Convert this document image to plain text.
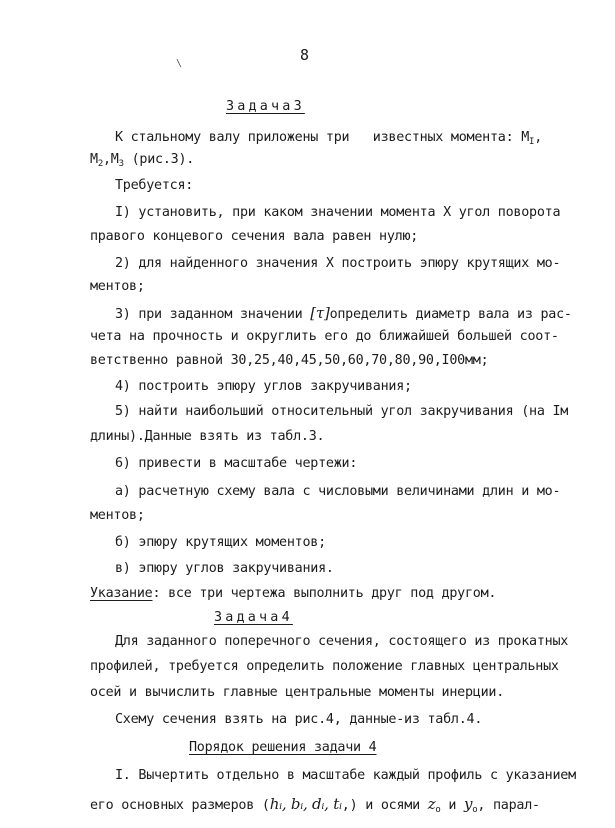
8
\
Задача3
К стальному валу приложены три   известных момента: $M_I$,
$M_2,M_3$ (рис.3).
Требуется:
I) установить, при каком значении момента X угол поворота
правого концевого сечения вала равен нулю;
2) для найденного значения X построить эпюру крутящих мо-
ментов;
3) при заданном значении [τ]определить диаметр вала из рас-
чета на прочность и округлить его до ближайшей большей соот-
ветственно равной 30,25,40,45,50,60,70,80,90,I00мм;
4) построить эпюру углов закручивания;
5) найти наибольший относительный угол закручивания (на Iм
длины).Данные взять из табл.3.
6) привести в масштабе чертежи:
а) расчетную схему вала с числовыми величинами длин и мо-
ментов;
б) эпюру крутящих моментов;
в) эпюру углов закручивания.
Указание: все три чертежа выполнить друг под другом.
Задача4
Для заданного поперечного сечения, состоящего из прокатных
профилей, требуется определить положение главных центральных
осей и вычислить главные центральные моменты инерции.
Схему сечения взять на рис.4, данные-из табл.4.
Порядок решения задачи 4
I. Вычертить отдельно в масштабе каждый профиль с указанием
его основных размеров (hᵢ, bᵢ, dᵢ, tᵢ,) и осями $z_o$ и $y_o$, парал-
